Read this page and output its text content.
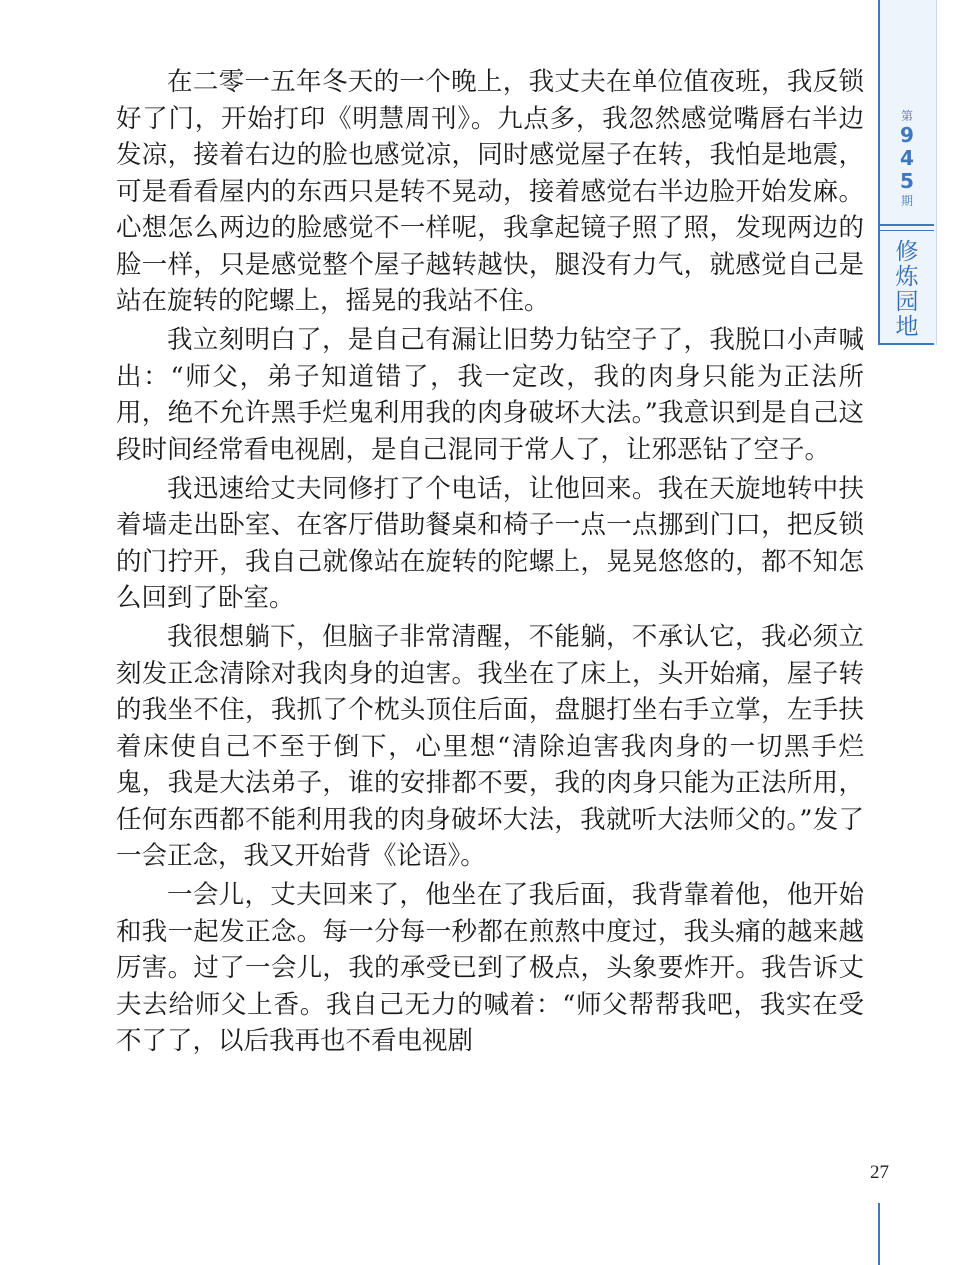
第
9
4
5
期
修
炼
园
地

在二零一五年冬天的一个晚上，我丈夫在单位值夜班，我反锁好了门，开始打印《明慧周刊》。九点多，我忽然感觉嘴唇右半边发凉，接着右边的脸也感觉凉，同时感觉屋子在转，我怕是地震，可是看看屋内的东西只是转不晃动，接着感觉右半边脸开始发麻。心想怎么两边的脸感觉不一样呢，我拿起镜子照了照，发现两边的脸一样，只是感觉整个屋子越转越快，腿没有力气，就感觉自己是站在旋转的陀螺上，摇晃的我站不住。

我立刻明白了，是自己有漏让旧势力钻空子了，我脱口小声喊出：“师父，弟子知道错了，我一定改，我的肉身只能为正法所用，绝不允许黑手烂鬼利用我的肉身破坏大法。”我意识到是自己这段时间经常看电视剧，是自己混同于常人了，让邪恶钻了空子。

我迅速给丈夫同修打了个电话，让他回来。我在天旋地转中扶着墙走出卧室、在客厅借助餐桌和椅子一点一点挪到门口，把反锁的门拧开，我自己就像站在旋转的陀螺上，晃晃悠悠的，都不知怎么回到了卧室。

我很想躺下，但脑子非常清醒，不能躺，不承认它，我必须立刻发正念清除对我肉身的迫害。我坐在了床上，头开始痛，屋子转的我坐不住，我抓了个枕头顶住后面，盘腿打坐右手立掌，左手扶着床使自己不至于倒下，心里想“清除迫害我肉身的一切黑手烂鬼，我是大法弟子，谁的安排都不要，我的肉身只能为正法所用，任何东西都不能利用我的肉身破坏大法，我就听大法师父的。”发了一会正念，我又开始背《论语》。

一会儿，丈夫回来了，他坐在了我后面，我背靠着他，他开始和我一起发正念。每一分每一秒都在煎熬中度过，我头痛的越来越厉害。过了一会儿，我的承受已到了极点，头象要炸开。我告诉丈夫去给师父上香。我自己无力的喊着：“师父帮帮我吧，我实在受不了了，以后我再也不看电视剧

27
